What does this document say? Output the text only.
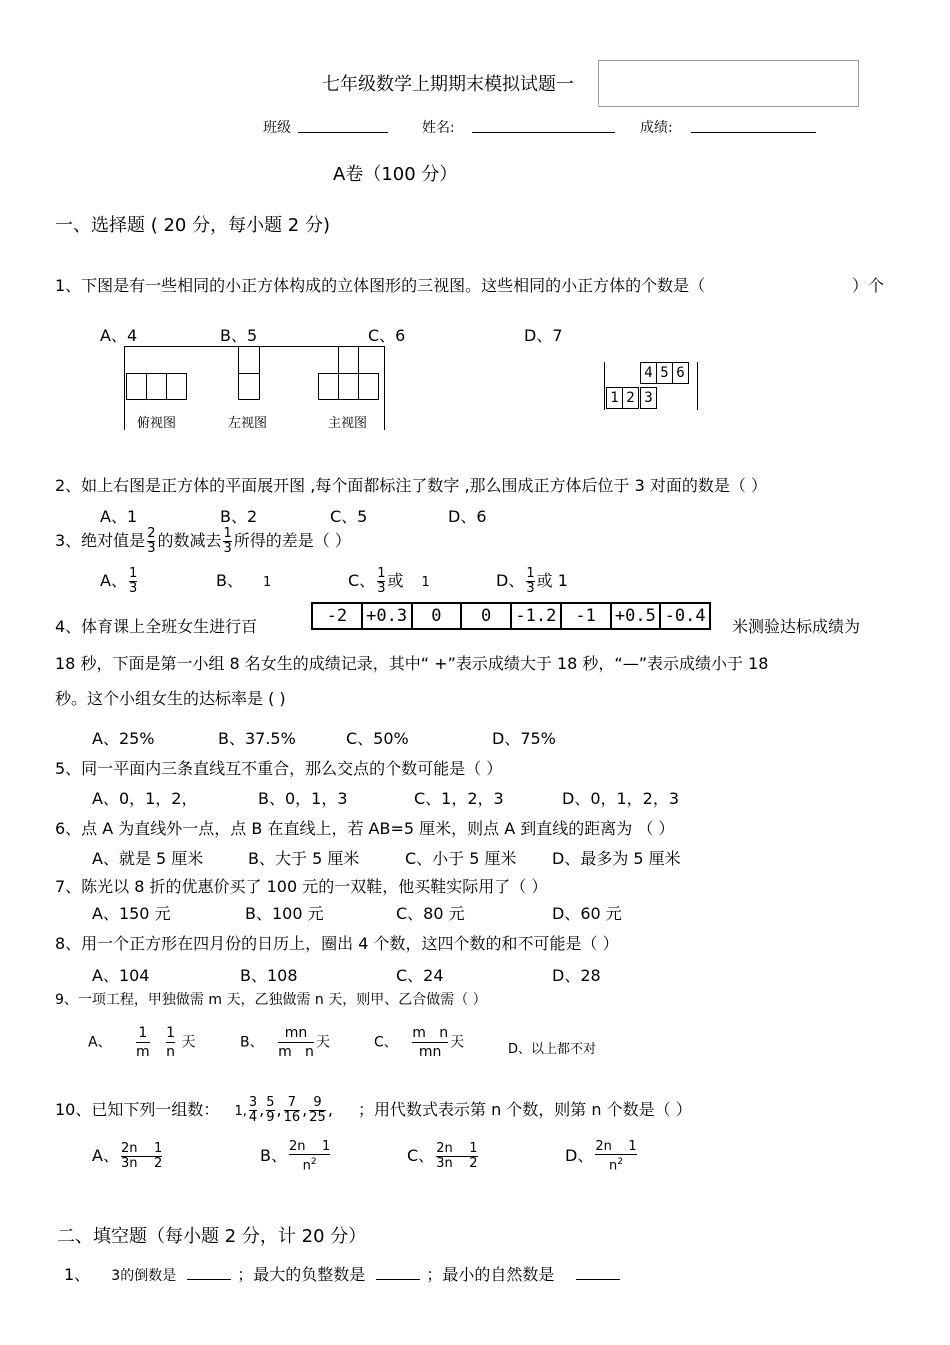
七年级数学上期期末模拟试题一
班级	姓名:	成绩:
A卷（100 分）
一、选择题 ( 20 分，每小题 2 分)
1、下图是有一些相同的小正方体构成的立体图形的三视图。这些相同的小正方体的个数是（	）个
A、4	B、5	C、6	D、7
俯视图	左视图	主视图
4 5 6
1 2 3
2、如上右图是正方体的平面展开图 ,每个面都标注了数字 ,那么围成正方体后位于 3 对面的数是（ ）
A、1	B、2	C、5	D、6
3、绝对值是 $\frac{2}{3}$ 的数减去 $\frac{1}{3}$ 所得的差是（ ）
A、 $\frac{1}{3}$	B、 1	C、 $\frac{1}{3}$ 或 1	D、 $\frac{1}{3}$ 或 1
4、体育课上全班女生进行百
-2	+0.3	0	0	-1.2	-1	+0.5 -0.4
米测验达标成绩为
18 秒，下面是第一小组 8 名女生的成绩记录，其中“ +”表示成绩大于 18 秒，“—”表示成绩小于 18
秒。这个小组女生的达标率是 ( )
A、25%	B、37.5%	C、50%	D、75%
5、同一平面内三条直线互不重合，那么交点的个数可能是（ ）
A、0，1，2，	B、0，1，3	C、1，2，3	D、0，1，2，3
6、点 A 为直线外一点，点 B 在直线上，若 AB=5 厘米，则点 A 到直线的距离为 （ ）
A、就是 5 厘米	B、大于 5 厘米	C、小于 5 厘米 D、最多为 5 厘米
7、陈光以 8 折的优惠价买了 100 元的一双鞋，他买鞋实际用了（ ）
A、150 元	B、100 元	C、80 元	D、60 元
8、用一个正方形在四月份的日历上，圈出 4 个数，这四个数的和不可能是（ ）
A、104	B、108	C、24	D、28
9、一项工程，甲独做需 m 天，乙独做需 n 天，则甲、乙合做需（ ）
A、 $\frac{1}{m}$
$\frac{1}{n}$ 天	B、 $\frac{mn}{\text{m   n}}$ 天	C、 $\frac{\text{m   n}}{mn}$ 天	D、以上都不对
10、已知下列一组数： 1, $\frac{3}{4}$ , $\frac{5}{9}$ , $\frac{7}{16}$ , $\frac{9}{25}$ , ；用代数式表示第 n 个数，则第 n 个数是（ ）
A、 $\frac{2n 1}{3n 2}$	B、 $\frac{2n 1}{n^2}$	C、 $\frac{2n 1}{3n 2}$	D、 $\frac{2n 1}{n^2}$
二、填空题（每小题 2 分，计 20 分）
1、 3的倒数是	；最大的负整数是	；最小的自然数是
